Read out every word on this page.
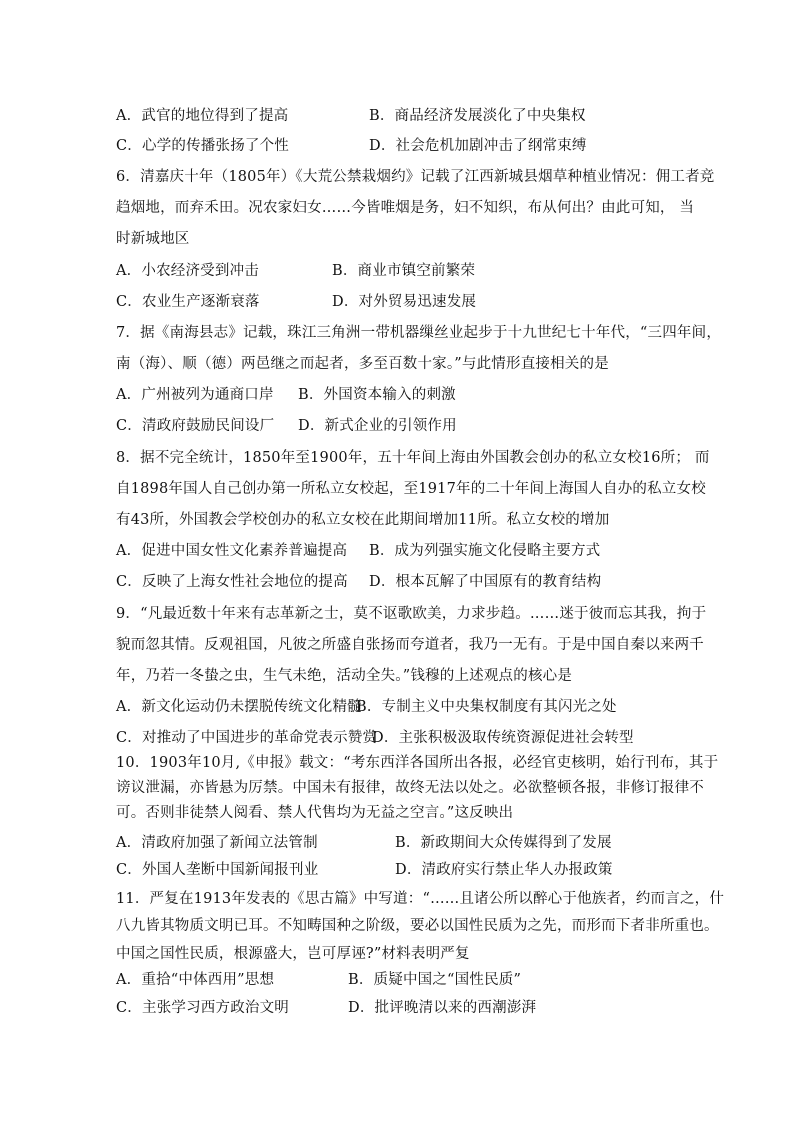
A．武官的地位得到了提高	B．商品经济发展淡化了中央集权
C．心学的传播张扬了个性	D．社会危机加剧冲击了纲常束缚
6．清嘉庆十年（1805年）《大荒公禁栽烟约》记载了江西新城县烟草种植业情况：佣工者竞
趋烟地，而弃禾田。况农家妇女……今皆唯烟是务，妇不知织，布从何出？由此可知， 当
时新城地区
A．小农经济受到冲击	B．商业市镇空前繁荣
C．农业生产逐渐衰落	D．对外贸易迅速发展
7．据《南海县志》记载，珠江三角洲一带机器缫丝业起步于十九世纪七十年代，“三四年间，
南（海）、顺（德）两邑继之而起者，多至百数十家。”与此情形直接相关的是
A．广州被列为通商口岸 B．外国资本输入的刺激
C．清政府鼓励民间设厂 D．新式企业的引领作用
8．据不完全统计，1850年至1900年，五十年间上海由外国教会创办的私立女校16所； 而
自1898年国人自己创办第一所私立女校起，至1917年的二十年间上海国人自办的私立女校
有43所，外国教会学校创办的私立女校在此期间增加11所。私立女校的增加
A．促进中国女性文化素养普遍提高 B．成为列强实施文化侵略主要方式
C．反映了上海女性社会地位的提高 D．根本瓦解了中国原有的教育结构
9．“凡最近数十年来有志革新之士，莫不讴歌欧美，力求步趋。……迷于彼而忘其我，拘于
貌而忽其情。反观祖国，凡彼之所盛自张扬而夸道者，我乃一无有。于是中国自秦以来两千
年，乃若一冬蛰之虫，生气未绝，活动全失。”钱穆的上述观点的核心是
A．新文化运动仍未摆脱传统文化精髓
B．专制主义中央集权制度有其闪光之处
C．对推动了中国进步的革命党表示赞赏
D．主张积极汲取传统资源促进社会转型
10．1903年10月,《申报》载文：“考东西洋各国所出各报，必经官吏核明，始行刊布，其于
谤议泄漏，亦皆悬为厉禁。中国未有报律，故终无法以处之。必欲整顿各报，非修订报律不
可。否则非徒禁人阅看、禁人代售均为无益之空言。”这反映出
A．清政府加强了新闻立法管制	B．新政期间大众传媒得到了发展
C．外国人垄断中国新闻报刊业	D．清政府实行禁止华人办报政策
11．严复在1913年发表的《思古篇》中写道：“……且诸公所以醉心于他族者，约而言之，什
八九皆其物质文明已耳。不知畴国种之阶级，要必以国性民质为之先，而形而下者非所重也。
中国之国性民质，根源盛大，岂可厚诬?”材料表明严复
A．重拾“中体西用”思想	B．质疑中国之“国性民质”
C．主张学习西方政治文明	D．批评晚清以来的西潮澎湃
